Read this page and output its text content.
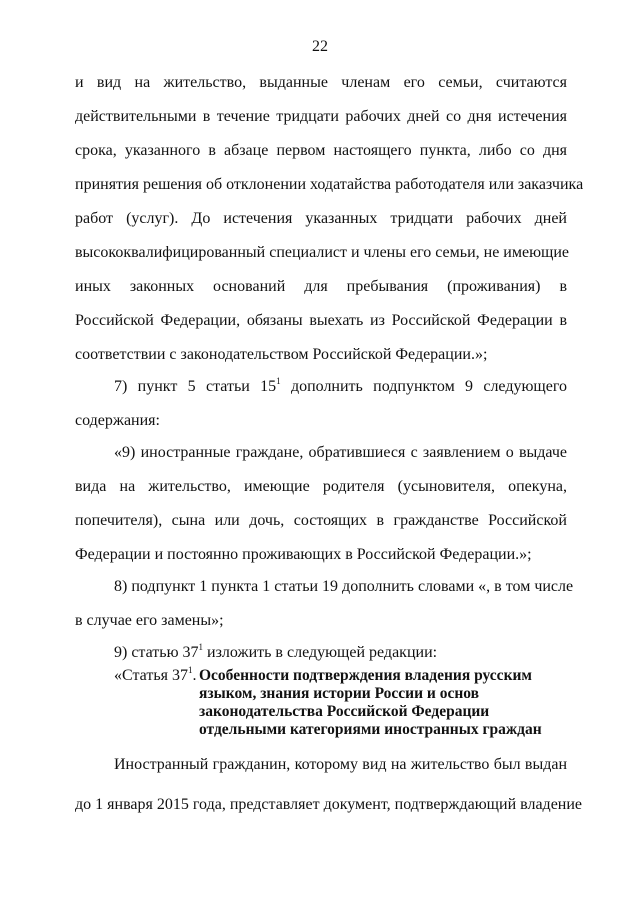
22
и вид на жительство, выданные членам его семьи, считаются
действительными в течение тридцати рабочих дней со дня истечения
срока, указанного в абзаце первом настоящего пункта, либо со дня
принятия решения об отклонении ходатайства работодателя или заказчика
работ (услуг). До истечения указанных тридцати рабочих дней
высококвалифицированный специалист и члены его семьи, не имеющие
иных законных оснований для пребывания (проживания) в
Российской Федерации, обязаны выехать из Российской Федерации в
соответствии с законодательством Российской Федерации.»;
7) пункт 5 статьи $15^1$ дополнить подпунктом 9 следующего
содержания:
«9) иностранные граждане, обратившиеся с заявлением о выдаче
вида на жительство, имеющие родителя (усыновителя, опекуна,
попечителя), сына или дочь, состоящих в гражданстве Российской
Федерации и постоянно проживающих в Российской Федерации.»;
8) подпункт 1 пункта 1 статьи 19 дополнить словами «, в том числе
в случае его замены»;
9) статью $37^1$ изложить в следующей редакции:
«Статья $37^1$. Особенности подтверждения владения русским
языком, знания истории России и основ
законодательства Российской Федерации
отдельными категориями иностранных граждан
Иностранный гражданин, которому вид на жительство был выдан
до 1 января 2015 года, представляет документ, подтверждающий владение
